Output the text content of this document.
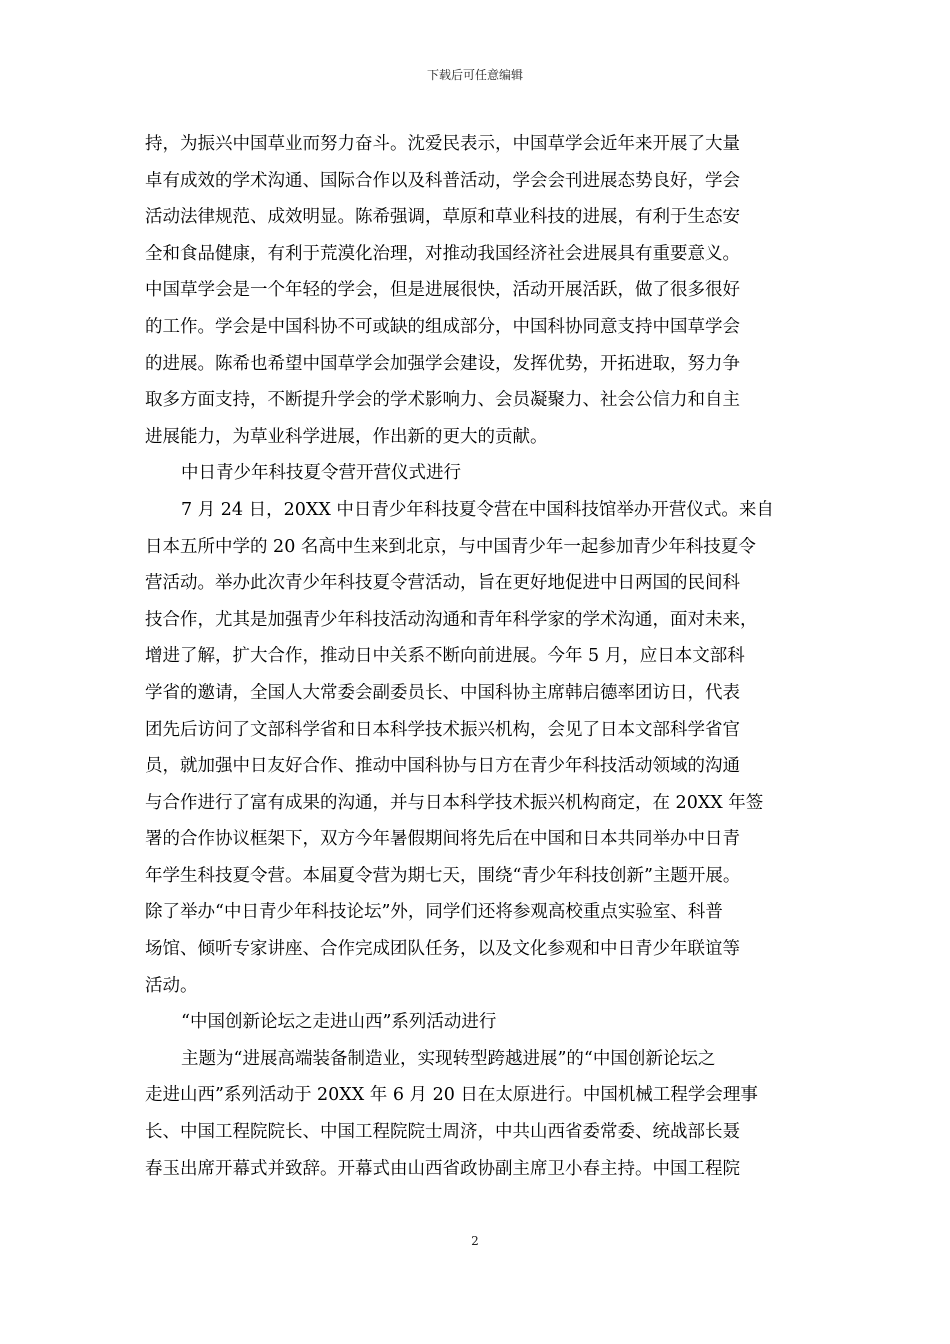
下载后可任意编辑

持，为振兴中国草业而努力奋斗。沈爱民表示，中国草学会近年来开展了大量
卓有成效的学术沟通、国际合作以及科普活动，学会会刊进展态势良好，学会
活动法律规范、成效明显。陈希强调，草原和草业科技的进展，有利于生态安
全和食品健康，有利于荒漠化治理，对推动我国经济社会进展具有重要意义。
中国草学会是一个年轻的学会，但是进展很快，活动开展活跃，做了很多很好
的工作。学会是中国科协不可或缺的组成部分，中国科协同意支持中国草学会
的进展。陈希也希望中国草学会加强学会建设，发挥优势，开拓进取，努力争
取多方面支持，不断提升学会的学术影响力、会员凝聚力、社会公信力和自主
进展能力，为草业科学进展，作出新的更大的贡献。

中日青少年科技夏令营开营仪式进行

7 月 24 日，20XX 中日青少年科技夏令营在中国科技馆举办开营仪式。来自
日本五所中学的 20 名高中生来到北京，与中国青少年一起参加青少年科技夏令
营活动。举办此次青少年科技夏令营活动，旨在更好地促进中日两国的民间科
技合作，尤其是加强青少年科技活动沟通和青年科学家的学术沟通，面对未来，
增进了解，扩大合作，推动日中关系不断向前进展。今年 5 月，应日本文部科
学省的邀请，全国人大常委会副委员长、中国科协主席韩启德率团访日，代表
团先后访问了文部科学省和日本科学技术振兴机构，会见了日本文部科学省官
员，就加强中日友好合作、推动中国科协与日方在青少年科技活动领域的沟通
与合作进行了富有成果的沟通，并与日本科学技术振兴机构商定，在 20XX 年签
署的合作协议框架下，双方今年暑假期间将先后在中国和日本共同举办中日青
年学生科技夏令营。本届夏令营为期七天，围绕“青少年科技创新”主题开展。
除了举办“中日青少年科技论坛”外，同学们还将参观高校重点实验室、科普
场馆、倾听专家讲座、合作完成团队任务，以及文化参观和中日青少年联谊等
活动。

“中国创新论坛之走进山西”系列活动进行

主题为“进展高端装备制造业，实现转型跨越进展”的“中国创新论坛之
走进山西”系列活动于 20XX 年 6 月 20 日在太原进行。中国机械工程学会理事
长、中国工程院院长、中国工程院院士周济，中共山西省委常委、统战部长聂
春玉出席开幕式并致辞。开幕式由山西省政协副主席卫小春主持。中国工程院

2
